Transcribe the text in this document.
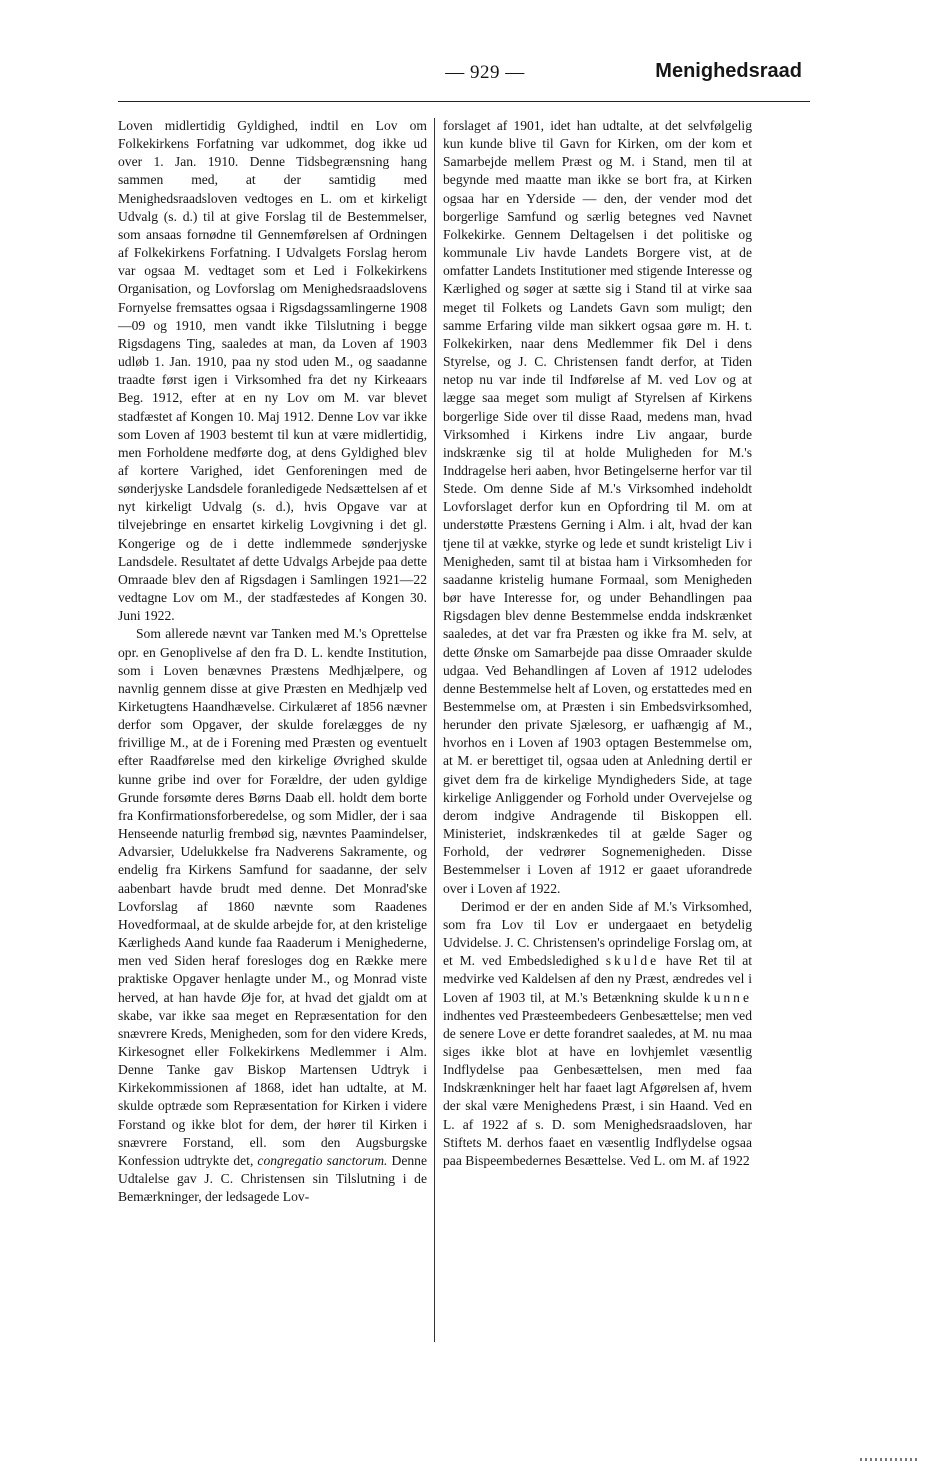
— 929 —	Menighedsraad

Loven midlertidig Gyldighed, indtil en Lov om Folkekirkens Forfatning var udkommet, dog ikke ud over 1. Jan. 1910. Denne Tidsbegrænsning hang sammen med, at der samtidig med Menighedsraadsloven vedtoges en L. om et kirkeligt Udvalg (s. d.) til at give Forslag til de Bestemmelser, som ansaas fornødne til Gennemførelsen af Ordningen af Folkekirkens Forfatning. I Udvalgets Forslag herom var ogsaa M. vedtaget som et Led i Folkekirkens Organisation, og Lovforslag om Menighedsraadslovens Fornyelse fremsattes ogsaa i Rigsdagssamlingerne 1908—09 og 1910, men vandt ikke Tilslutning i begge Rigsdagens Ting, saaledes at man, da Loven af 1903 udløb 1. Jan. 1910, paa ny stod uden M., og saadanne traadte først igen i Virksomhed fra det ny Kirkeaars Beg. 1912, efter at en ny Lov om M. var blevet stadfæstet af Kongen 10. Maj 1912. Denne Lov var ikke som Loven af 1903 bestemt til kun at være midlertidig, men Forholdene medførte dog, at dens Gyldighed blev af kortere Varighed, idet Genforeningen med de sønderjyske Landsdele foranledigede Nedsættelsen af et nyt kirkeligt Udvalg (s. d.), hvis Opgave var at tilvejebringe en ensartet kirkelig Lovgivning i det gl. Kongerige og de i dette indlemmede sønderjyske Landsdele. Resultatet af dette Udvalgs Arbejde paa dette Omraade blev den af Rigsdagen i Samlingen 1921—22 vedtagne Lov om M., der stadfæstedes af Kongen 30. Juni 1922.

Som allerede nævnt var Tanken med M.'s Oprettelse opr. en Genoplivelse af den fra D. L. kendte Institution, som i Loven benævnes Præstens Medhjælpere, og navnlig gennem disse at give Præsten en Medhjælp ved Kirketugtens Haandhævelse. Cirkulæret af 1856 nævner derfor som Opgaver, der skulde forelægges de ny frivillige M., at de i Forening med Præsten og eventuelt efter Raadførelse med den kirkelige Øvrighed skulde kunne gribe ind over for Forældre, der uden gyldige Grunde forsømte deres Børns Daab ell. holdt dem borte fra Konfirmationsforberedelse, og som Midler, der i saa Henseende naturlig frembød sig, nævntes Paamindelser, Advarsier, Udelukkelse fra Nadverens Sakramente, og endelig fra Kirkens Samfund for saadanne, der selv aabenbart havde brudt med denne. Det Monrad'ske Lovforslag af 1860 nævnte som Raadenes Hovedformaal, at de skulde arbejde for, at den kristelige Kærligheds Aand kunde faa Raaderum i Menighederne, men ved Siden heraf foresloges dog en Række mere praktiske Opgaver henlagte under M., og Monrad viste herved, at han havde Øje for, at hvad det gjaldt om at skabe, var ikke saa meget en Repræsentation for den snævrere Kreds, Menigheden, som for den videre Kreds, Kirkesognet eller Folkekirkens Medlemmer i Alm. Denne Tanke gav Biskop Martensen Udtryk i Kirkekommissionen af 1868, idet han udtalte, at M. skulde optræde som Repræsentation for Kirken i videre Forstand og ikke blot for dem, der hører til Kirken i snævrere Forstand, ell. som den Augsburgske Konfession udtrykte det, congregatio sanctorum. Denne Udtalelse gav J. C. Christensen sin Tilslutning i de Bemærkninger, der ledsagede Lov-

forslaget af 1901, idet han udtalte, at det selvfølgelig kun kunde blive til Gavn for Kirken, om der kom et Samarbejde mellem Præst og M. i Stand, men til at begynde med maatte man ikke se bort fra, at Kirken ogsaa har en Yderside — den, der vender mod det borgerlige Samfund og særlig betegnes ved Navnet Folkekirke. Gennem Deltagelsen i det politiske og kommunale Liv havde Landets Borgere vist, at de omfatter Landets Institutioner med stigende Interesse og Kærlighed og søger at sætte sig i Stand til at virke saa meget til Folkets og Landets Gavn som muligt; den samme Erfaring vilde man sikkert ogsaa gøre m. H. t. Folkekirken, naar dens Medlemmer fik Del i dens Styrelse, og J. C. Christensen fandt derfor, at Tiden netop nu var inde til Indførelse af M. ved Lov og at lægge saa meget som muligt af Styrelsen af Kirkens borgerlige Side over til disse Raad, medens man, hvad Virksomhed i Kirkens indre Liv angaar, burde indskrænke sig til at holde Muligheden for M.'s Inddragelse heri aaben, hvor Betingelserne herfor var til Stede. Om denne Side af M.'s Virksomhed indeholdt Lovforslaget derfor kun en Opfordring til M. om at understøtte Præstens Gerning i Alm. i alt, hvad der kan tjene til at vække, styrke og lede et sundt kristeligt Liv i Menigheden, samt til at bistaa ham i Virksomheden for saadanne kristelig humane Formaal, som Menigheden bør have Interesse for, og under Behandlingen paa Rigsdagen blev denne Bestemmelse endda indskrænket saaledes, at det var fra Præsten og ikke fra M. selv, at dette Ønske om Samarbejde paa disse Omraader skulde udgaa. Ved Behandlingen af Loven af 1912 udelodes denne Bestemmelse helt af Loven, og erstattedes med en Bestemmelse om, at Præsten i sin Embedsvirksomhed, herunder den private Sjælesorg, er uafhængig af M., hvorhos en i Loven af 1903 optagen Bestemmelse om, at M. er berettiget til, ogsaa uden at Anledning dertil er givet dem fra de kirkelige Myndigheders Side, at tage kirkelige Anliggender og Forhold under Overvejelse og derom indgive Andragende til Biskoppen ell. Ministeriet, indskrænkedes til at gælde Sager og Forhold, der vedrører Sognemenigheden. Disse Bestemmelser i Loven af 1912 er gaaet uforandrede over i Loven af 1922.

Derimod er der en anden Side af M.'s Virksomhed, som fra Lov til Lov er undergaaet en betydelig Udvidelse. J. C. Christensen's oprindelige Forslag om, at et M. ved Embedsledighed skulde have Ret til at medvirke ved Kaldelsen af den ny Præst, ændredes vel i Loven af 1903 til, at M.'s Betænkning skulde kunne indhentes ved Præsteembedeers Genbesættelse; men ved de senere Love er dette forandret saaledes, at M. nu maa siges ikke blot at have en lovhjemlet væsentlig Indflydelse paa Genbesættelsen, men med faa Indskrænkninger helt har faaet lagt Afgørelsen af, hvem der skal være Menighedens Præst, i sin Haand. Ved en L. af 1922 af s. D. som Menighedsraadsloven, har Stiftets M. derhos faaet en væsentlig Indflydelse ogsaa paa Bispeembedernes Besættelse. Ved L. om M. af 1922
